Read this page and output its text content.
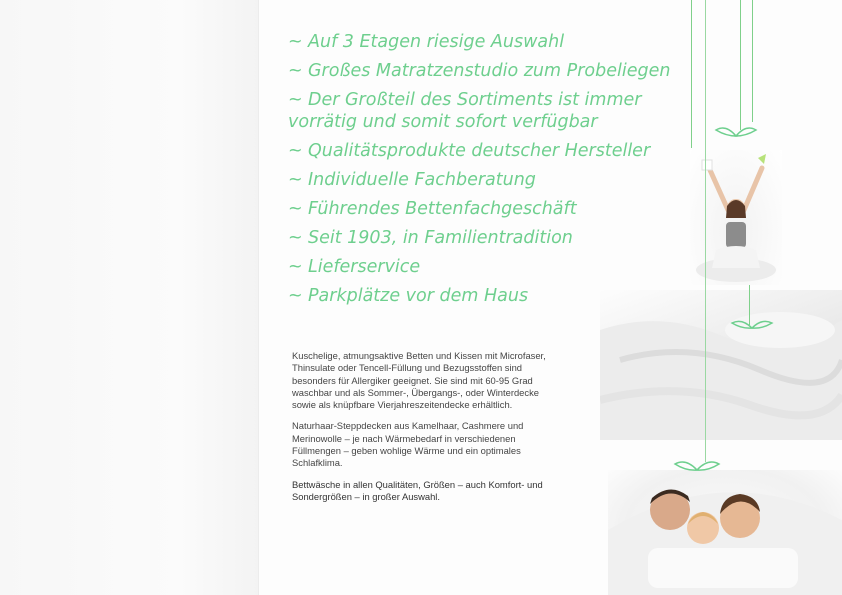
~ Auf 3 Etagen riesige Auswahl
~ Großes Matratzenstudio zum Probeliegen
~ Der Großteil des Sortiments ist immer
vorrätig und somit sofort verfügbar
~ Qualitätsprodukte deutscher Hersteller
~ Individuelle Fachberatung
~ Führendes Bettenfachgeschäft
~ Seit 1903, in Familientradition
~ Lieferservice
~ Parkplätze vor dem Haus

Kuschelige, atmungsaktive Betten und Kissen mit Microfaser, Thinsulate oder Tencell-Füllung und Bezugsstoffen sind besonders für Allergiker geeignet. Sie sind mit 60-95 Grad waschbar und als Sommer-, Übergangs-, oder Winterdecke sowie als knüpfbare Vierjahreszeitendecke erhältlich.

Naturhaar-Steppdecken aus Kamelhaar, Cashmere und Merinowolle – je nach Wärmebedarf in verschiedenen Füllmengen – geben wohlige Wärme und ein optimales Schlafklima.

Bettwäsche in allen Qualitäten, Größen – auch Komfort- und Sondergrößen – in großer Auswahl.
